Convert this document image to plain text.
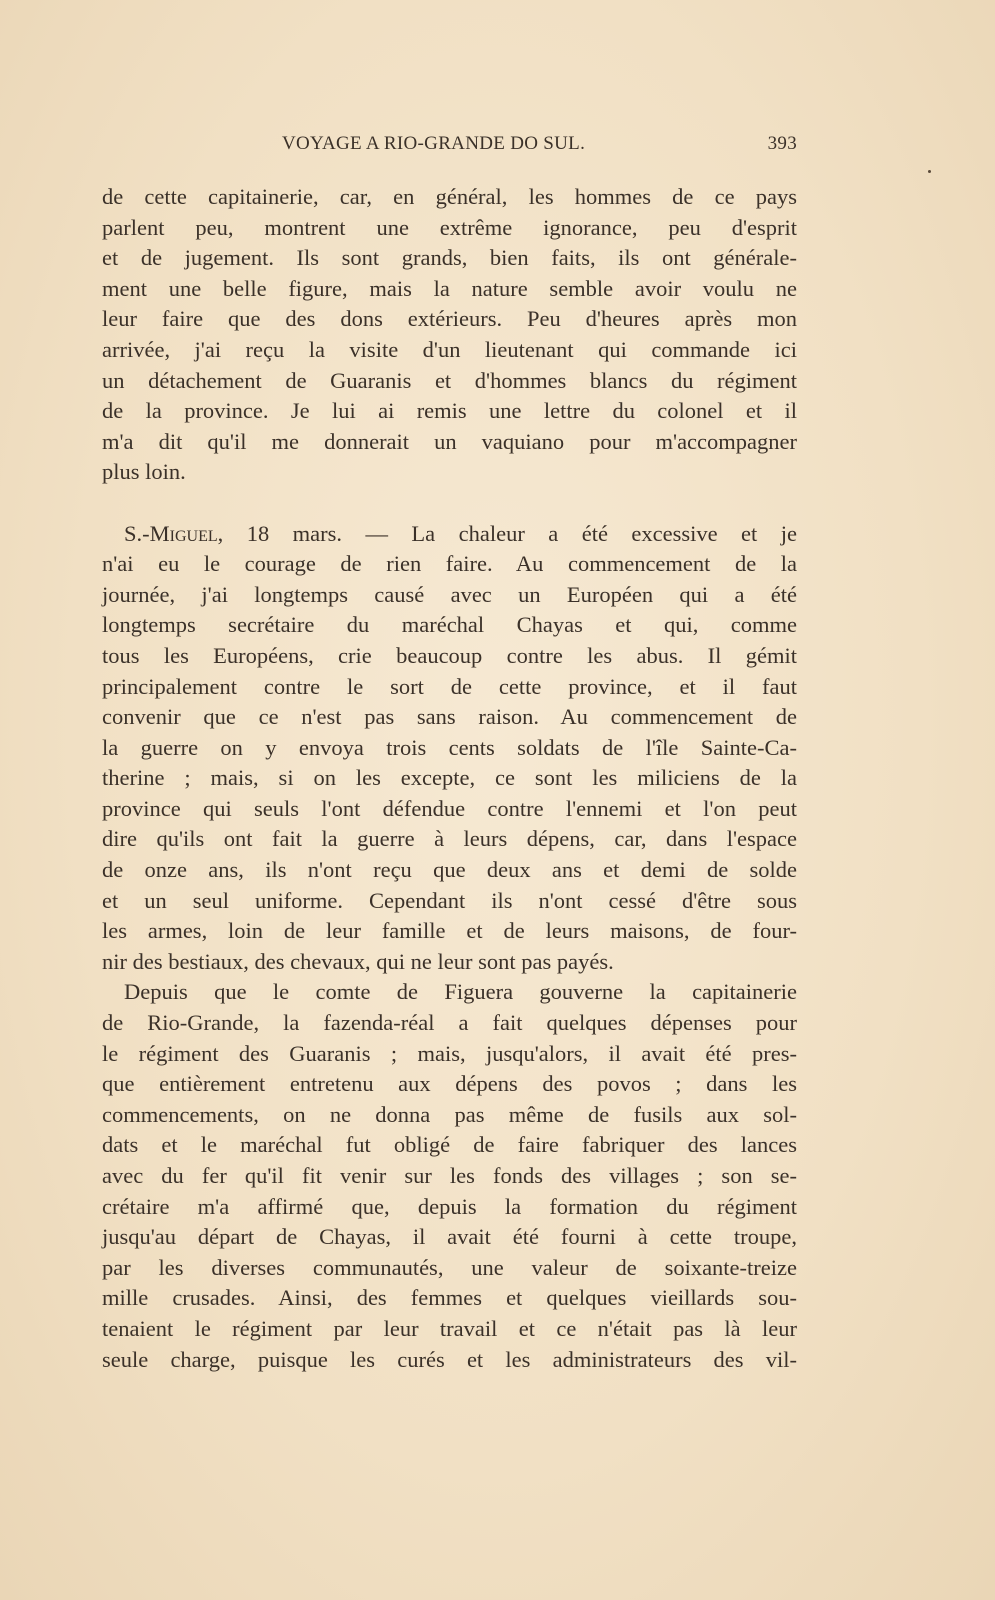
VOYAGE A RIO-GRANDE DO SUL.	393
de cette capitainerie, car, en général, les hommes de ce pays
parlent peu, montrent une extrême ignorance, peu d'esprit
et de jugement. Ils sont grands, bien faits, ils ont générale-
ment une belle figure, mais la nature semble avoir voulu ne
leur faire que des dons extérieurs. Peu d'heures après mon
arrivée, j'ai reçu la visite d'un lieutenant qui commande ici
un détachement de Guaranis et d'hommes blancs du régiment
de la province. Je lui ai remis une lettre du colonel et il
m'a dit qu'il me donnerait un vaquiano pour m'accompagner
plus loin.
S.-Miguel, 18 mars. — La chaleur a été excessive et je
n'ai eu le courage de rien faire. Au commencement de la
journée, j'ai longtemps causé avec un Européen qui a été
longtemps secrétaire du maréchal Chayas et qui, comme
tous les Européens, crie beaucoup contre les abus. Il gémit
principalement contre le sort de cette province, et il faut
convenir que ce n'est pas sans raison. Au commencement de
la guerre on y envoya trois cents soldats de l'île Sainte-Ca-
therine ; mais, si on les excepte, ce sont les miliciens de la
province qui seuls l'ont défendue contre l'ennemi et l'on peut
dire qu'ils ont fait la guerre à leurs dépens, car, dans l'espace
de onze ans, ils n'ont reçu que deux ans et demi de solde
et un seul uniforme. Cependant ils n'ont cessé d'être sous
les armes, loin de leur famille et de leurs maisons, de four-
nir des bestiaux, des chevaux, qui ne leur sont pas payés.
Depuis que le comte de Figuera gouverne la capitainerie
de Rio-Grande, la fazenda-réal a fait quelques dépenses pour
le régiment des Guaranis ; mais, jusqu'alors, il avait été pres-
que entièrement entretenu aux dépens des povos ; dans les
commencements, on ne donna pas même de fusils aux sol-
dats et le maréchal fut obligé de faire fabriquer des lances
avec du fer qu'il fit venir sur les fonds des villages ; son se-
crétaire m'a affirmé que, depuis la formation du régiment
jusqu'au départ de Chayas, il avait été fourni à cette troupe,
par les diverses communautés, une valeur de soixante-treize
mille crusades. Ainsi, des femmes et quelques vieillards sou-
tenaient le régiment par leur travail et ce n'était pas là leur
seule charge, puisque les curés et les administrateurs des vil-
